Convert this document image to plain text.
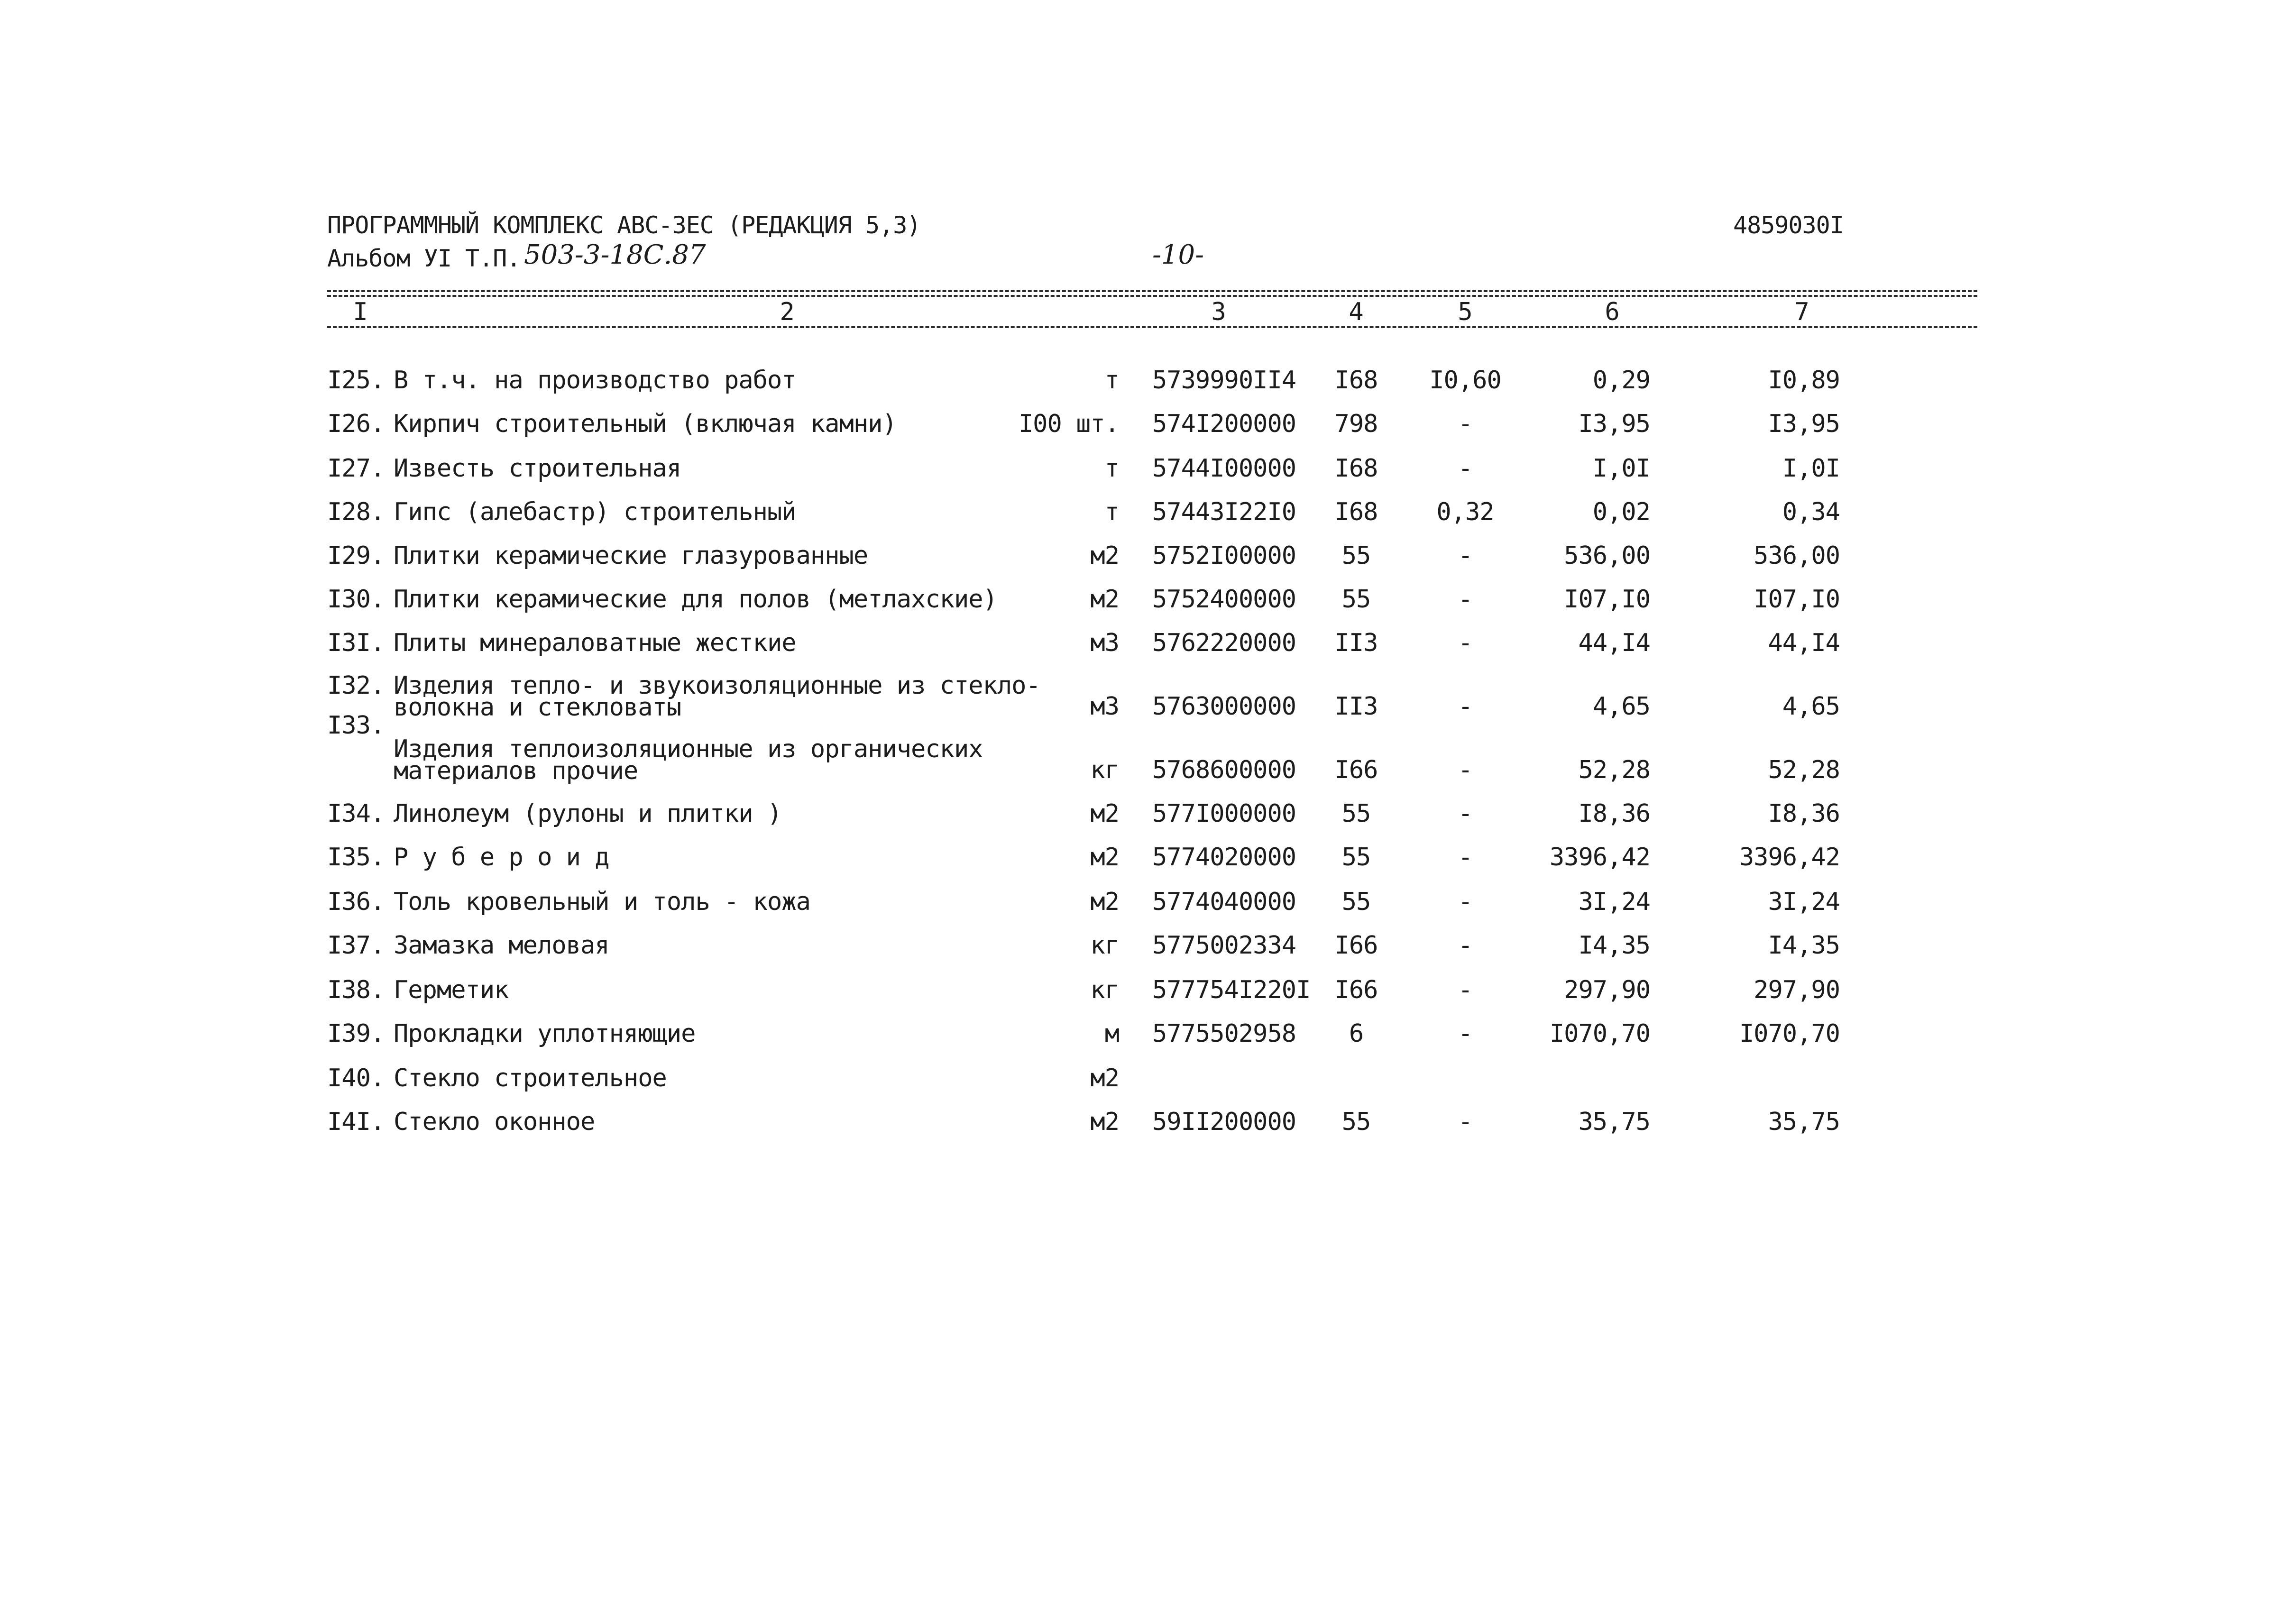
ПРОГРАММНЫЙ КОМПЛЕКС АВС-ЗЕС (РЕДАКЦИЯ 5,3)	4859030I
Альбом УI Т.П. 503-3-18С.87	-10-
I	2	3	4	5	6	7
I25. В т.ч. на производство работ	т 5739990II4	I68	I0,60	0,29	I0,89
I26. Кирпич строительный (включая камни)	I00 шт. 574I200000	798	-	I3,95	I3,95
I27. Известь строительная	т 5744I00000	I68	-	I,0I	I,0I
I28. Гипс (алебастр) строительный	т 57443I22I0	I68	0,32	0,02	0,34
I29. Плитки керамические глазурованные	м2 5752I00000	55	-	536,00	536,00
I30. Плитки керамические для полов (метлахские)	м2 5752400000	55	-	I07,I0	I07,I0
I3I. Плиты минераловатные жесткие	м3 5762220000	II3	-	44,I4	44,I4
I32. Изделия тепло- и звукоизоляционные из стекло-
волокна и стекловаты	м3 5763000000	II3	-	4,65	4,65
I33.
Изделия теплоизоляционные из органических
материалов прочие	кг 5768600000	I66	-	52,28	52,28
I34. Линолеум (рулоны и плитки )	м2 577I000000	55	-	I8,36	I8,36
I35. Р у б е р о и д	м2 5774020000	55	-	3396,42	3396,42
I36. Толь кровельный и толь - кожа	м2 5774040000	55	-	3I,24	3I,24
I37. Замазка меловая	кг 5775002334	I66	-	I4,35	I4,35
I38. Герметик	кг 577754I220I I66	-	297,90	297,90
I39. Прокладки уплотняющие	м 5775502958	6	-	I070,70	I070,70
I40. Стекло строительное	м2
I4I. Стекло оконное	м2 59II200000	55	-	35,75	35,75
